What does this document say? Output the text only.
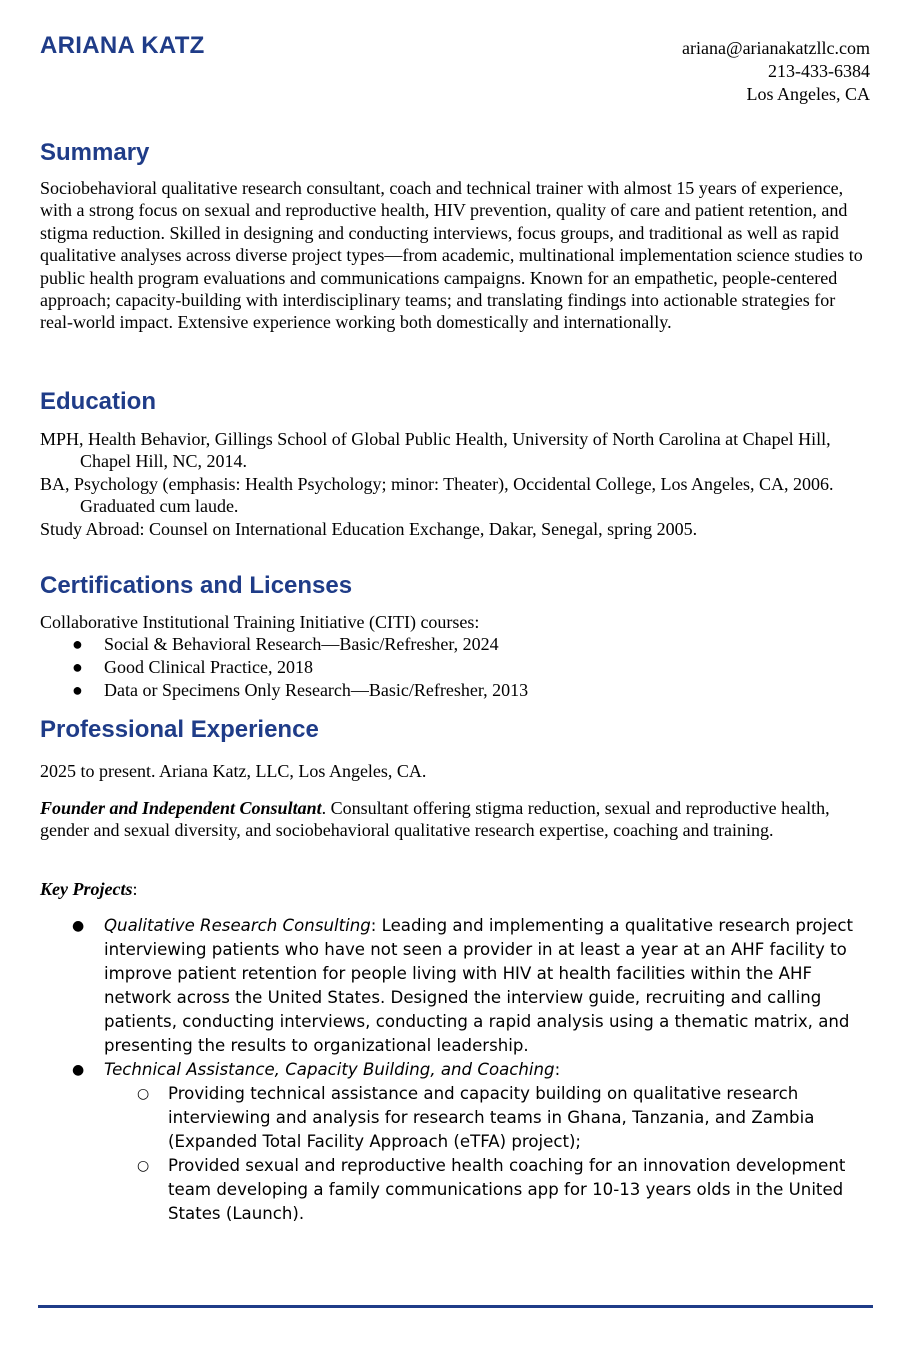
ARIANA KATZ	ariana@arianakatzllc.com
213-433-6384
Los Angeles, CA
Summary

Sociobehavioral qualitative research consultant, coach and technical trainer with almost 15 years of experience, with a strong focus on sexual and reproductive health, HIV prevention, quality of care and patient retention, and stigma reduction. Skilled in designing and conducting interviews, focus groups, and traditional as well as rapid qualitative analyses across diverse project types—from academic, multinational implementation science studies to public health program evaluations and communications campaigns. Known for an empathetic, people-centered approach; capacity-building with interdisciplinary teams; and translating findings into actionable strategies for real-world impact. Extensive experience working both domestically and internationally.

Education

MPH, Health Behavior, Gillings School of Global Public Health, University of North Carolina at Chapel Hill, Chapel Hill, NC, 2014.

BA, Psychology (emphasis: Health Psychology; minor: Theater), Occidental College, Los Angeles, CA, 2006. Graduated cum laude.

Study Abroad: Counsel on International Education Exchange, Dakar, Senegal, spring 2005.

Certifications and Licenses

Collaborative Institutional Training Initiative (CITI) courses:

● Social & Behavioral Research—Basic/Refresher, 2024
● Good Clinical Practice, 2018
● Data or Specimens Only Research—Basic/Refresher, 2013
Professional Experience

2025 to present. Ariana Katz, LLC, Los Angeles, CA.

Founder and Independent Consultant. Consultant offering stigma reduction, sexual and reproductive health, gender and sexual diversity, and sociobehavioral qualitative research expertise, coaching and training.

Key Projects:

● Qualitative Research Consulting: Leading and implementing a qualitative research project interviewing patients who have not seen a provider in at least a year at an AHF facility to improve patient retention for people living with HIV at health facilities within the AHF network across the United States. Designed the interview guide, recruiting and calling patients, conducting interviews, conducting a rapid analysis using a thematic matrix, and presenting the results to organizational leadership.
● Technical Assistance, Capacity Building, and Coaching:
○ Providing technical assistance and capacity building on qualitative research interviewing and analysis for research teams in Ghana, Tanzania, and Zambia (Expanded Total Facility Approach (eTFA) project);
○ Provided sexual and reproductive health coaching for an innovation development team developing a family communications app for 10-13 years olds in the United States (Launch).
